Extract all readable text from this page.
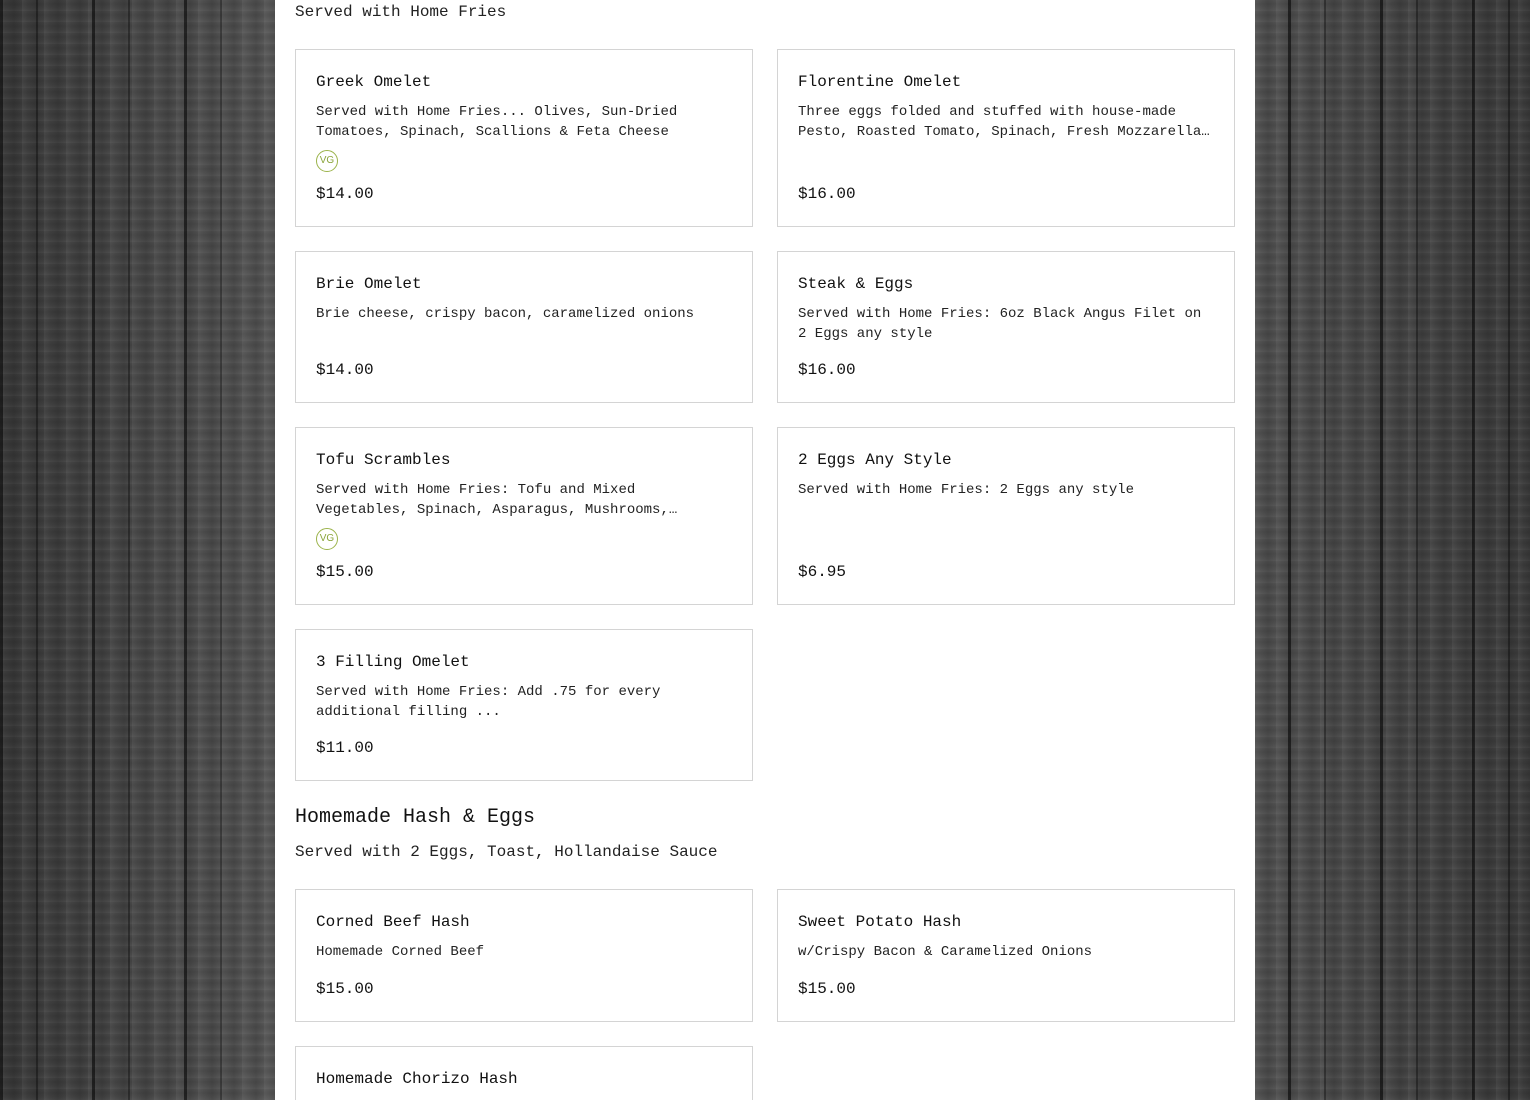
Served with Home Fries
Greek Omelet
Served with Home Fries... Olives, Sun-Dried Tomatoes, Spinach, Scallions & Feta Cheese
VG
$14.00
Florentine Omelet
Three eggs folded and stuffed with house-made Pesto, Roasted Tomato, Spinach, Fresh Mozzarella
$16.00
Brie Omelet
Brie cheese, crispy bacon, caramelized onions
$14.00
Steak & Eggs
Served with Home Fries: 6oz Black Angus Filet on 2 Eggs any style
$16.00
Tofu Scrambles
Served with Home Fries: Tofu and Mixed Vegetables, Spinach, Asparagus, Mushrooms,
VG
$15.00
2 Eggs Any Style
Served with Home Fries: 2 Eggs any style
$6.95
3 Filling Omelet
Served with Home Fries: Add .75 for every additional filling ...
$11.00
Homemade Hash & Eggs
Served with 2 Eggs, Toast, Hollandaise Sauce
Corned Beef Hash
Homemade Corned Beef
$15.00
Sweet Potato Hash
w/Crispy Bacon & Caramelized Onions
$15.00
Homemade Chorizo Hash
